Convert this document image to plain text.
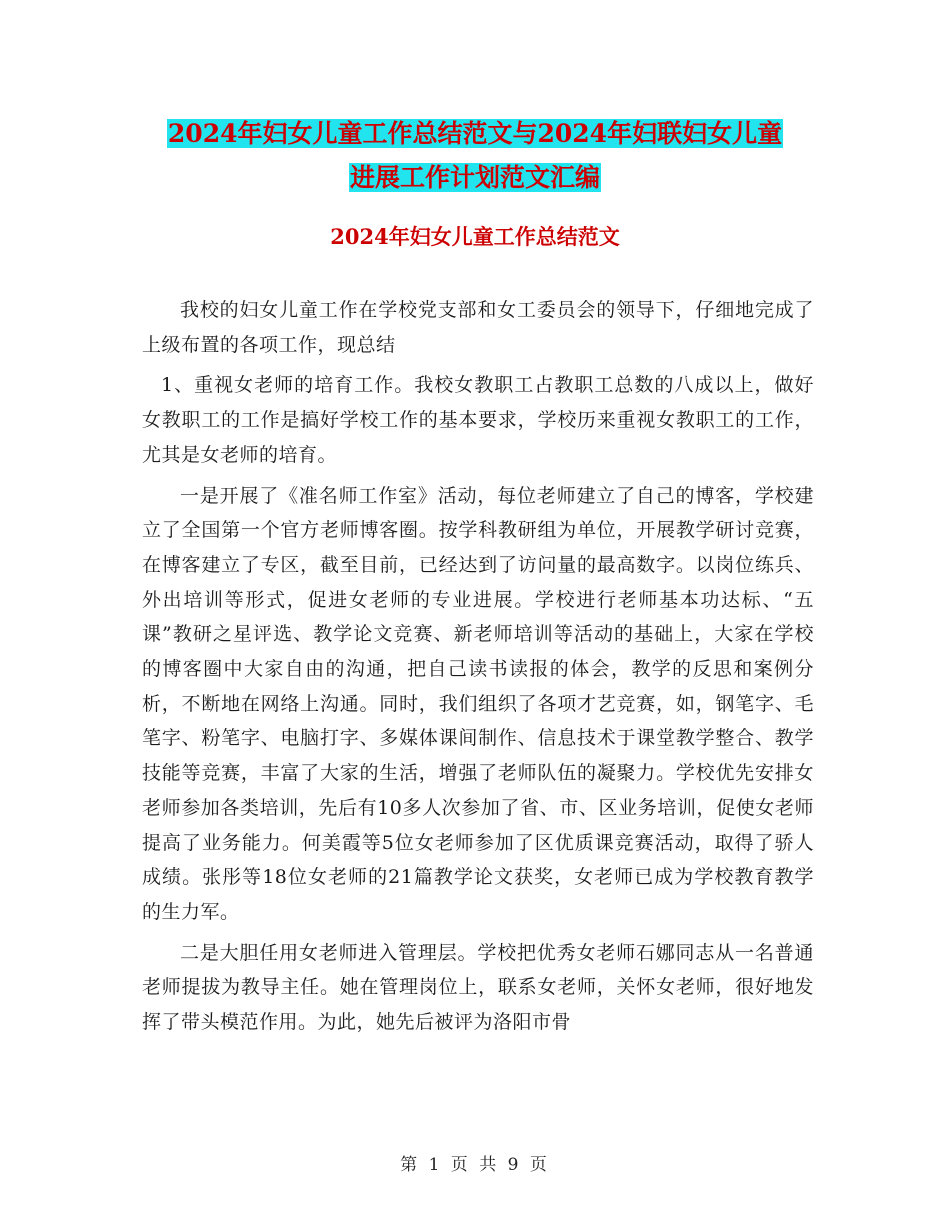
2024年妇女儿童工作总结范文与2024年妇联妇女儿童
进展工作计划范文汇编
2024年妇女儿童工作总结范文

我校的妇女儿童工作在学校党支部和女工委员会的领导下，仔细地完成了上级布置的各项工作，现总结

1、重视女老师的培育工作。我校女教职工占教职工总数的八成以上，做好女教职工的工作是搞好学校工作的基本要求，学校历来重视女教职工的工作，尤其是女老师的培育。

一是开展了《准名师工作室》活动，每位老师建立了自己的博客，学校建立了全国第一个官方老师博客圈。按学科教研组为单位，开展教学研讨竞赛，在博客建立了专区，截至目前，已经达到了访问量的最高数字。以岗位练兵、外出培训等形式，促进女老师的专业进展。学校进行老师基本功达标、“五课”教研之星评选、教学论文竞赛、新老师培训等活动的基础上，大家在学校的博客圈中大家自由的沟通，把自己读书读报的体会，教学的反思和案例分析，不断地在网络上沟通。同时，我们组织了各项才艺竞赛，如，钢笔字、毛笔字、粉笔字、电脑打字、多媒体课间制作、信息技术于课堂教学整合、教学技能等竞赛，丰富了大家的生活，增强了老师队伍的凝聚力。学校优先安排女老师参加各类培训，先后有10多人次参加了省、市、区业务培训，促使女老师提高了业务能力。何美霞等5位女老师参加了区优质课竞赛活动，取得了骄人成绩。张彤等18位女老师的21篇教学论文获奖，女老师已成为学校教育教学的生力军。

二是大胆任用女老师进入管理层。学校把优秀女老师石娜同志从一名普通老师提拔为教导主任。她在管理岗位上，联系女老师，关怀女老师，很好地发挥了带头模范作用。为此，她先后被评为洛阳市骨

第 1 页 共 9 页
